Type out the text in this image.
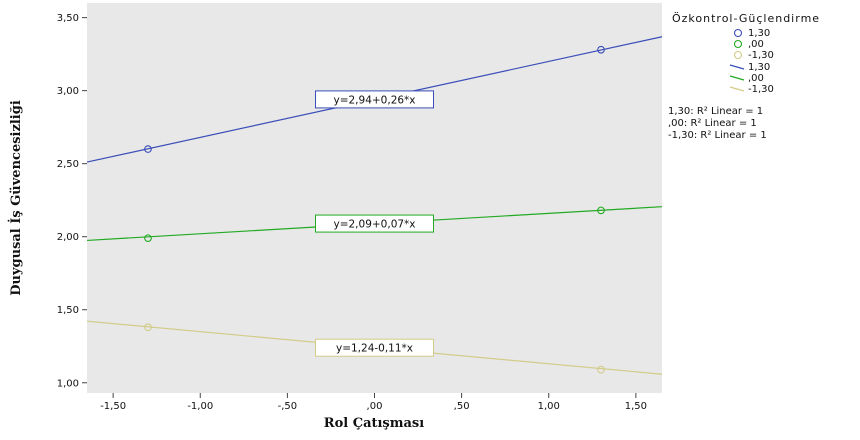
1,00
1,50
2,00
2,50
3,00
3,50
-1,50	-1,00	-,50	,00	,50	1,00	1,50
y=2,94+0,26*x
y=2,09+0,07*x
y=1,24-0,11*x
Rol Çatışması
Duygusal İş Güvencesizliği
Özkontrol-Güçlendirme
1,30
,00
-1,30
1,30
,00
-1,30
1,30: R² Linear = 1
,00: R² Linear = 1
-1,30: R² Linear = 1
